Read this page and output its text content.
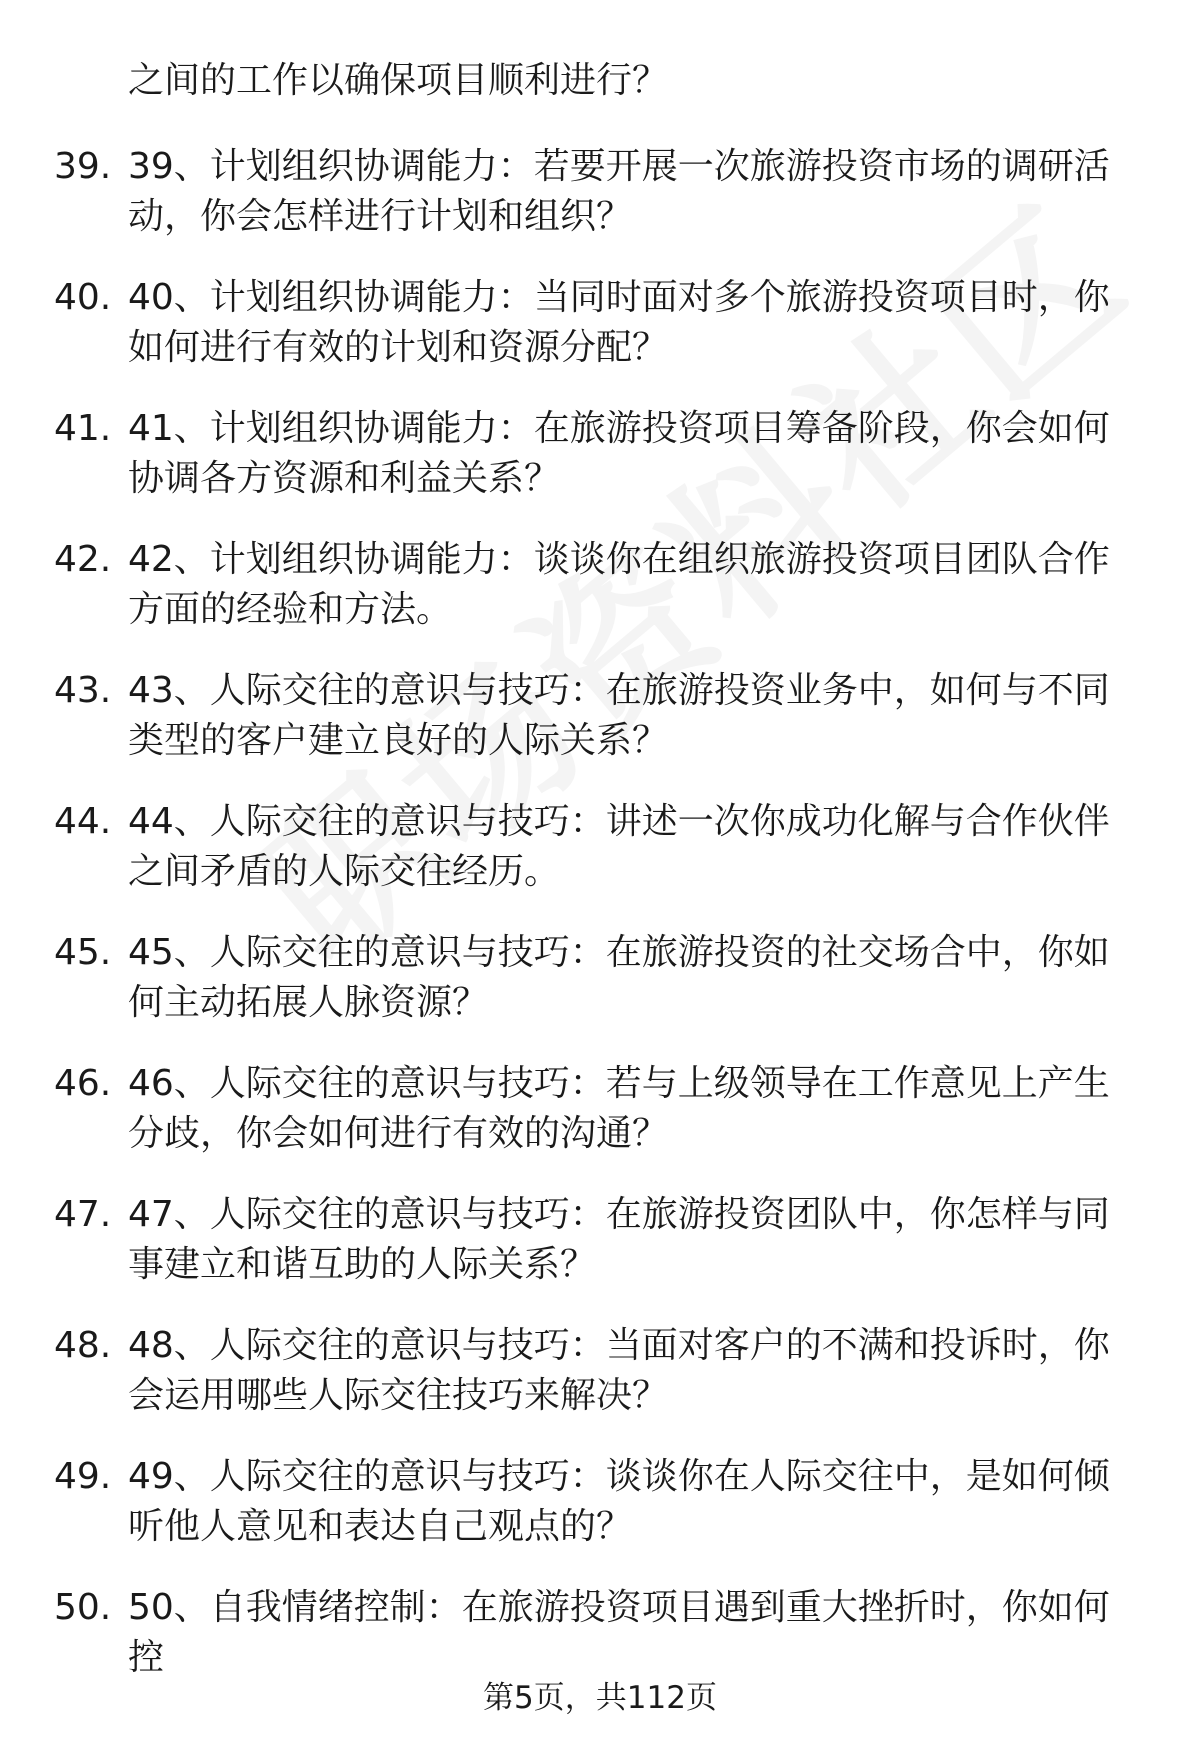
之间的工作以确保项目顺利进行？
39. 39、计划组织协调能力：若要开展一次旅游投资市场的调研活动，你会怎样进行计划和组织？
40. 40、计划组织协调能力：当同时面对多个旅游投资项目时，你如何进行有效的计划和资源分配？
41. 41、计划组织协调能力：在旅游投资项目筹备阶段，你会如何协调各方资源和利益关系？
42. 42、计划组织协调能力：谈谈你在组织旅游投资项目团队合作方面的经验和方法。
43. 43、人际交往的意识与技巧：在旅游投资业务中，如何与不同类型的客户建立良好的人际关系？
44. 44、人际交往的意识与技巧：讲述一次你成功化解与合作伙伴之间矛盾的人际交往经历。
45. 45、人际交往的意识与技巧：在旅游投资的社交场合中，你如何主动拓展人脉资源？
46. 46、人际交往的意识与技巧：若与上级领导在工作意见上产生分歧，你会如何进行有效的沟通？
47. 47、人际交往的意识与技巧：在旅游投资团队中，你怎样与同事建立和谐互助的人际关系？
48. 48、人际交往的意识与技巧：当面对客户的不满和投诉时，你会运用哪些人际交往技巧来解决？
49. 49、人际交往的意识与技巧：谈谈你在人际交往中，是如何倾听他人意见和表达自己观点的？
50. 50、自我情绪控制：在旅游投资项目遇到重大挫折时，你如何控
第5页，共112页
